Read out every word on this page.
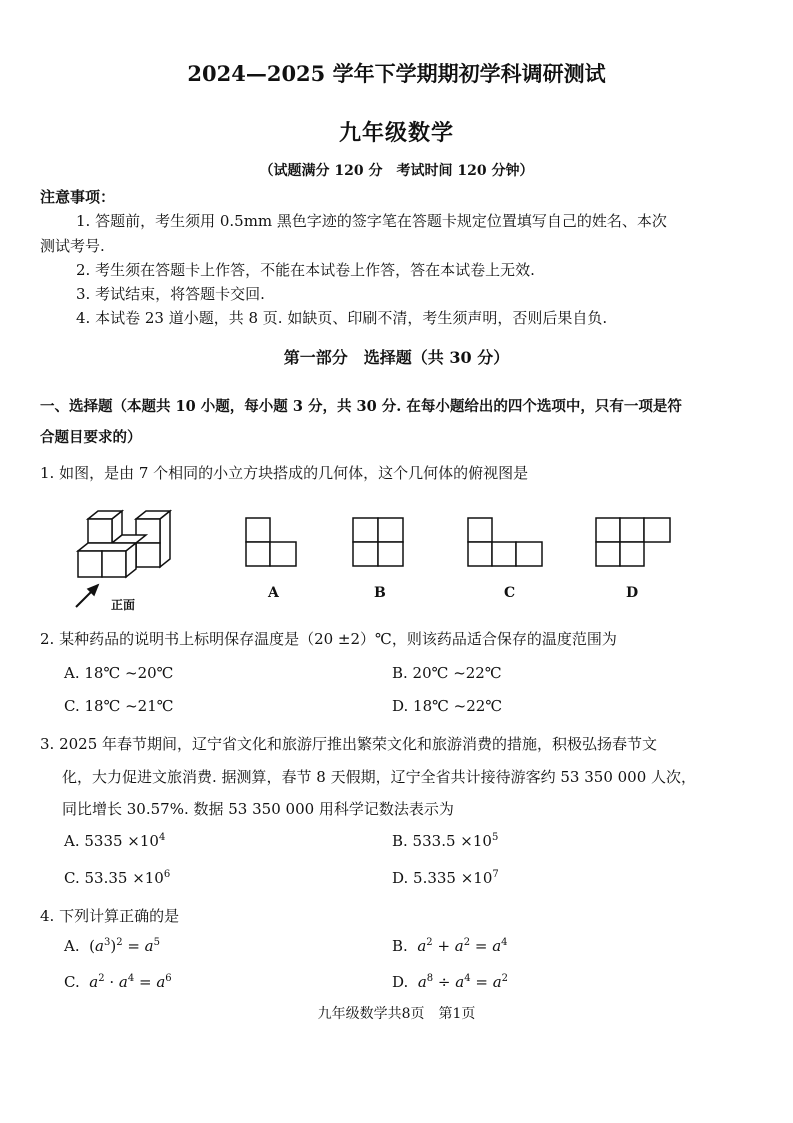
2024—2025 学年下学期期初学科调研测试
九年级数学
（试题满分 120 分　考试时间 120 分钟）
注意事项：
1. 答题前，考生须用 0.5mm 黑色字迹的签字笔在答题卡规定位置填写自己的姓名、本次
测试考号.
2. 考生须在答题卡上作答，不能在本试卷上作答，答在本试卷上无效.
3. 考试结束，将答题卡交回.
4. 本试卷 23 道小题，共 8 页. 如缺页、印刷不清，考生须声明，否则后果自负.
第一部分　选择题（共 30 分）
一、选择题（本题共 10 小题，每小题 3 分，共 30 分. 在每小题给出的四个选项中，只有一项是符
合题目要求的）
1. 如图，是由 7 个相同的小立方块搭成的几何体，这个几何体的俯视图是
正面
A	B	C	D
2. 某种药品的说明书上标明保存温度是（20 ±2）℃，则该药品适合保存的温度范围为
A. 18℃ ~20℃	B. 20℃ ~22℃
C. 18℃ ~21℃	D. 18℃ ~22℃
3. 2025 年春节期间，辽宁省文化和旅游厅推出繁荣文化和旅游消费的措施，积极弘扬春节文
化，大力促进文旅消费. 据测算，春节 8 天假期，辽宁全省共计接待游客约 53 350 000 人次，
同比增长 30.57%. 数据 53 350 000 用科学记数法表示为
A. $5335 \times 10^4$	B. $533.5 \times 10^5$
C. $53.35 \times 10^6$	D. $5.335 \times 10^7$
4. 下列计算正确的是
A.  $(a^3)^2 = a^5$	B. $a^2 + a^2 = a^4$
C. $a^2 \cdot a^4 = a^6$	D. $a^8 \div a^4 = a^2$
九年级数学共8页　第1页
